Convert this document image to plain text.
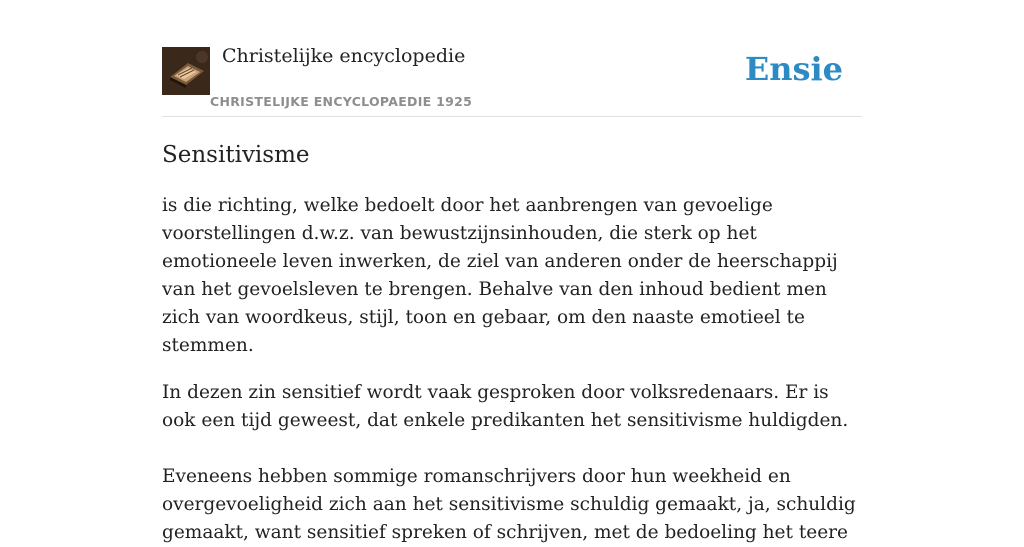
Christelijke encyclopedie
CHRISTELIJKE ENCYCLOPAEDIE 1925
Ensie
Sensitivisme

is die richting, welke bedoelt door het aanbrengen van gevoelige voorstellingen d.w.z. van bewustzijnsinhouden, die sterk op het emotioneele leven inwerken, de ziel van anderen onder de heerschappij van het gevoelsleven te brengen. Behalve van den inhoud bedient men zich van woordkeus, stijl, toon en gebaar, om den naaste emotieel te stemmen.

In dezen zin sensitief wordt vaak gesproken door volksredenaars. Er is ook een tijd geweest, dat enkele predikanten het sensitivisme huldigden.

Eveneens hebben sommige romanschrijvers door hun weekheid en overgevoeligheid zich aan het sensitivisme schuldig gemaakt, ja, schuldig gemaakt, want sensitief spreken of schrijven, met de bedoeling het teere
